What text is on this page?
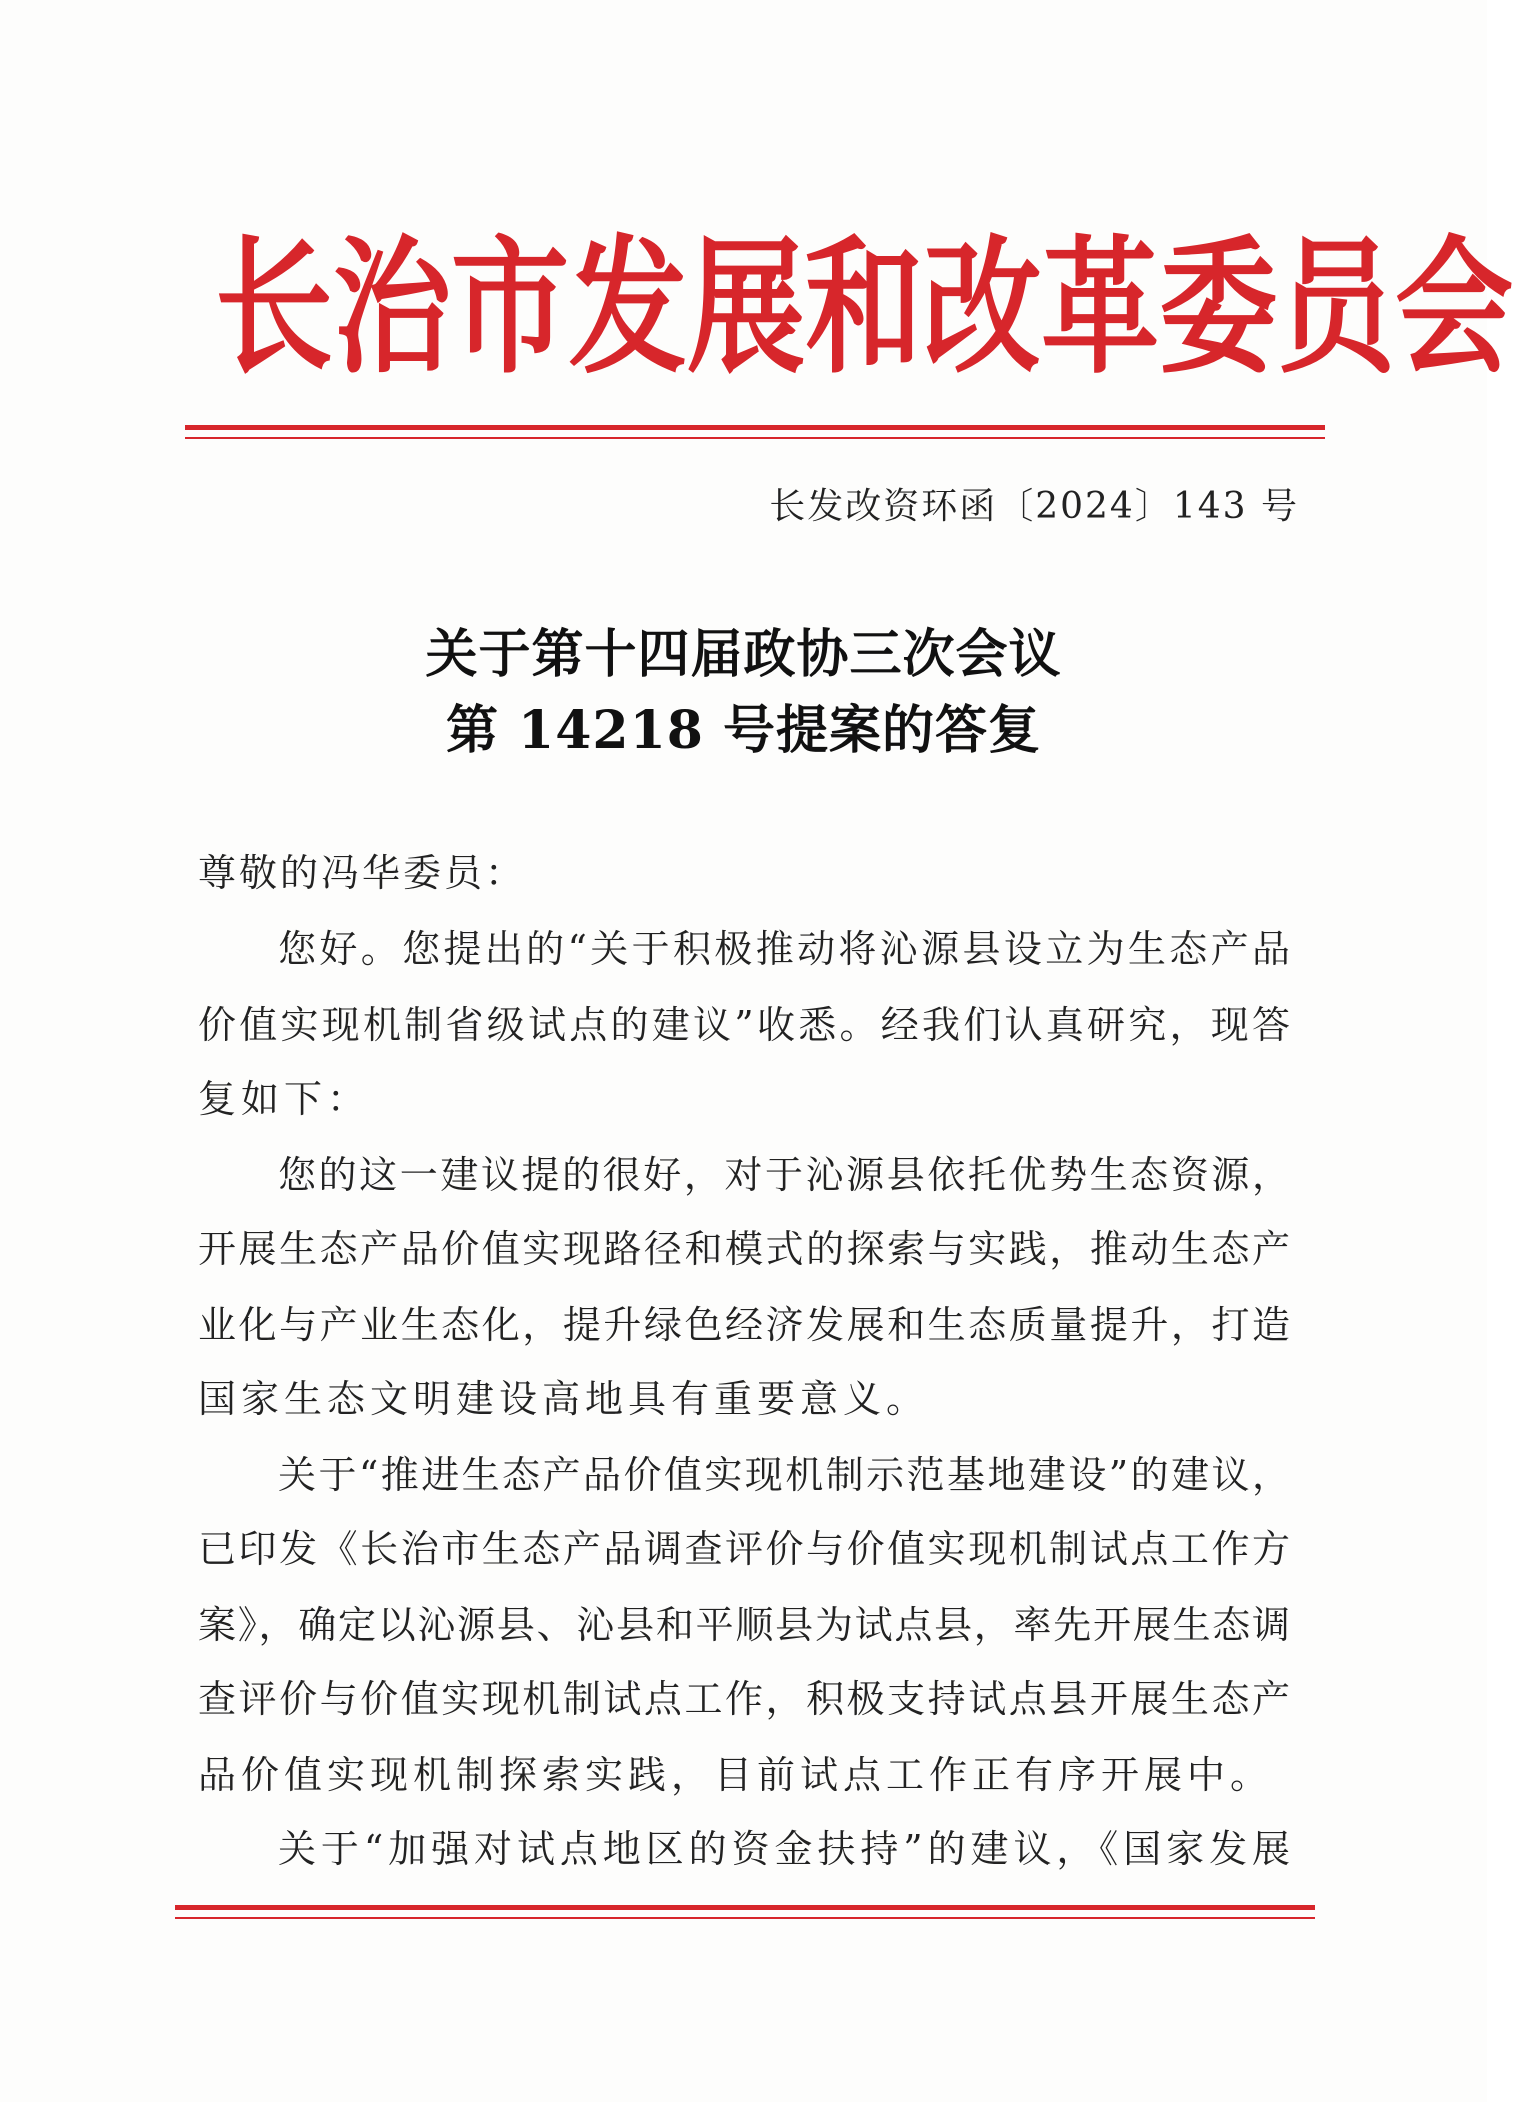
长 治 市 发 展 和 改 革 委 员 会
长发改资环函〔2024〕143 号
关于第十四届政协三次会议
第 14218 号提案的答复
尊敬的冯华委员：
您好。您提出的“关于积极推动将沁源县设立为生态产品
价值实现机制省级试点的建议”收悉。经我们认真研究，现答
复如下：
您的这一建议提的很好，对于沁源县依托优势生态资源，
开展生态产品价值实现路径和模式的探索与实践，推动生态产
业化与产业生态化，提升绿色经济发展和生态质量提升，打造
国家生态文明建设高地具有重要意义。
关于“推进生态产品价值实现机制示范基地建设”的建议，
已印发《长治市生态产品调查评价与价值实现机制试点工作方
案》，确定以沁源县、沁县和平顺县为试点县，率先开展生态调
查评价与价值实现机制试点工作，积极支持试点县开展生态产
品价值实现机制探索实践，目前试点工作正有序开展中。
关于“加强对试点地区的资金扶持”的建议，《国家发展
